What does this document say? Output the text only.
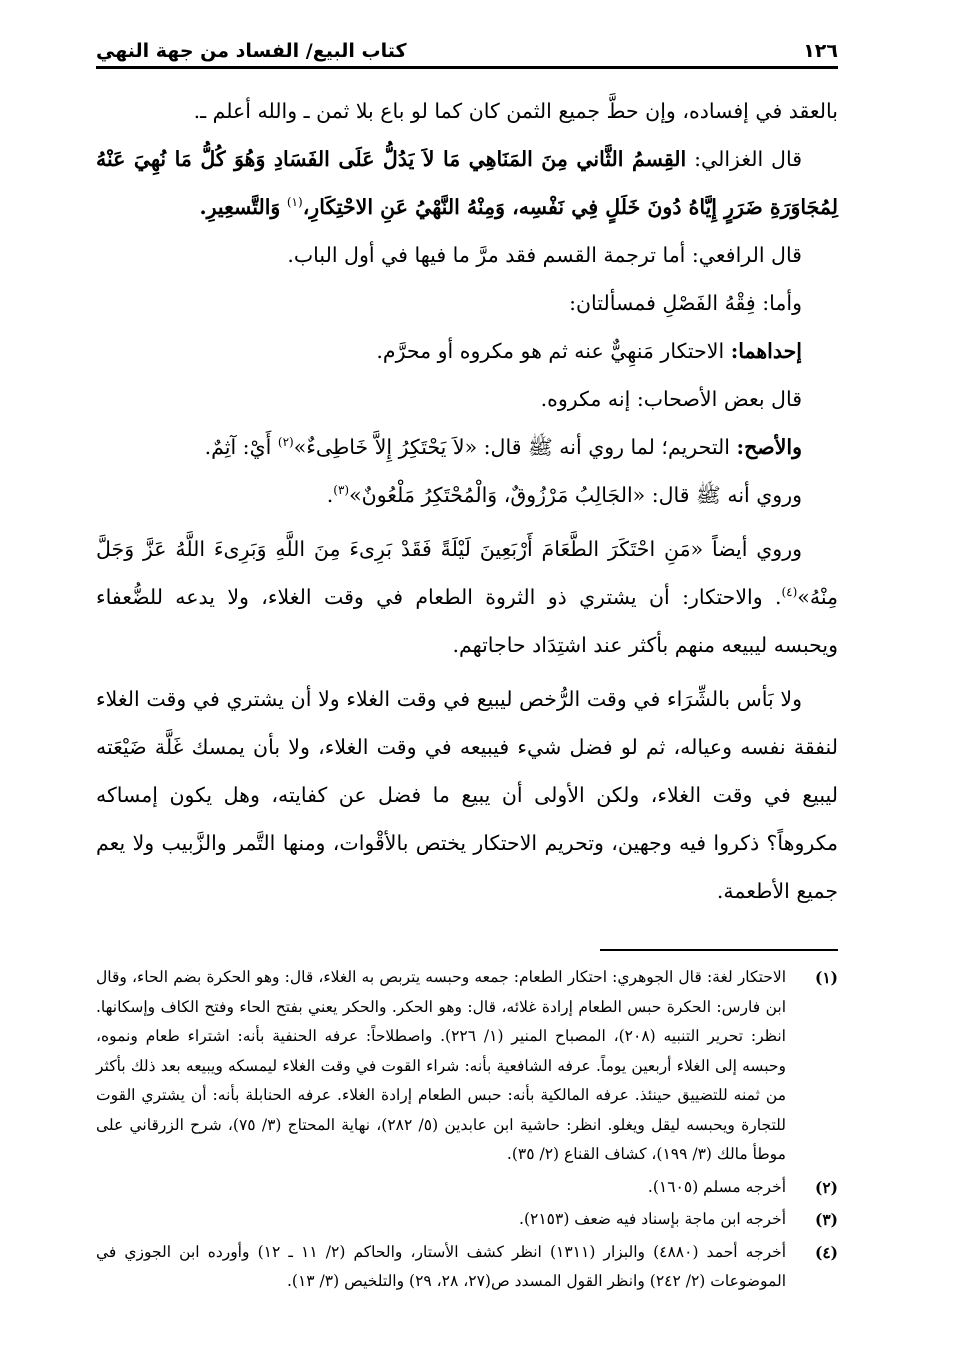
١٢٦
كتاب البيع/ الفساد من جهة النهي

بالعقد في إفساده، وإن حطَّ جميع الثمن كان كما لو باع بلا ثمن ـ والله أعلم ـ.

قال الغزالي: القِسمُ الثَّاني مِنَ المَنَاهِي مَا لاَ يَدُلُّ عَلَى الفَسَادِ وَهُوَ كُلُّ مَا نُهِيَ عَنْهُ لِمُجَاوَرَةِ ضَرَرٍ إِيَّاهُ دُونَ خَلَلٍ فِي نَفْسِه، وَمِنْهُ النَّهْيُ عَنِ الاحْتِكَارِ،$^{(١)}$ وَالتَّسعِيرِ.

قال الرافعي: أما ترجمة القسم فقد مرَّ ما فيها في أول الباب.

وأما: فِقْهُ الفَصْلِ فمسألتان:

إحداهما: الاحتكار مَنهِيٌّ عنه ثم هو مكروه أو محرَّم.

قال بعض الأصحاب: إنه مكروه.

والأصح: التحريم؛ لما روي أنه ﷺ قال: «لاَ يَحْتَكِرُ إِلاَّ خَاطِىءٌ»$^{(٢)}$ أَيْ: آثِمٌ.

وروي أنه ﷺ قال: «الجَالِبُ مَرْزُوقٌ، وَالْمُحْتَكِرُ مَلْعُونٌ»$^{(٣)}$.

وروي أيضاً «مَنِ احْتَكَرَ الطَّعَامَ أَرْبَعِينَ لَيْلَةً فَقَدْ بَرِىءَ مِنَ اللَّهِ وَبَرِىءَ اللَّهُ عَزَّ وَجَلَّ مِنْهُ»$^{(٤)}$. والاحتكار: أن يشتري ذو الثروة الطعام في وقت الغلاء، ولا يدعه للضُّعفاء ويحبسه ليبيعه منهم بأكثر عند اشتِدَاد حاجاتهم.

ولا بَأس بالشِّرَاء في وقت الرُّخص ليبيع في وقت الغلاء ولا أن يشتري في وقت الغلاء لنفقة نفسه وعياله، ثم لو فضل شيء فيبيعه في وقت الغلاء، ولا بأن يمسك غَلَّة ضَيْعَته ليبيع في وقت الغلاء، ولكن الأولى أن يبيع ما فضل عن كفايته، وهل يكون إمساكه مكروهاً؟ ذكروا فيه وجهين، وتحريم الاحتكار يختص بالأقْوات، ومنها التَّمر والزَّبيب ولا يعم جميع الأطعمة.

(١)
الاحتكار لغة: قال الجوهري: احتكار الطعام: جمعه وحبسه يتربص به الغلاء، قال: وهو الحكرة بضم الحاء، وقال ابن فارس: الحكرة حبس الطعام إرادة غلائه، قال: وهو الحكر. والحكر يعني بفتح الحاء وفتح الكاف وإسكانها. انظر: تحرير التنبيه (٢٠٨)، المصباح المنير (١/ ٢٢٦). واصطلاحاً: عرفه الحنفية بأنه: اشتراء طعام ونموه، وحبسه إلى الغلاء أربعين يوماً. عرفه الشافعية بأنه: شراء القوت في وقت الغلاء ليمسكه ويبيعه بعد ذلك بأكثر من ثمنه للتضييق حينئذ. عرفه المالكية بأنه: حبس الطعام إرادة الغلاء. عرفه الحنابلة بأنه: أن يشتري القوت للتجارة ويحبسه ليقل ويغلو. انظر: حاشية ابن عابدين (٥/ ٢٨٢)، نهاية المحتاج (٣/ ٧٥)، شرح الزرقاني على موطأ مالك (٣/ ١٩٩)، كشاف القناع (٢/ ٣٥).
(٢)
أخرجه مسلم (١٦٠٥).
(٣)
أخرجه ابن ماجة بإسناد فيه ضعف (٢١٥٣).
(٤)
أخرجه أحمد (٤٨٨٠) والبزار (١٣١١) انظر كشف الأستار، والحاكم (٢/ ١١ ـ ١٢) وأورده ابن الجوزي في الموضوعات (٢/ ٢٤٢) وانظر القول المسدد ص(٢٧، ٢٨، ٢٩) والتلخيص (٣/ ١٣).
